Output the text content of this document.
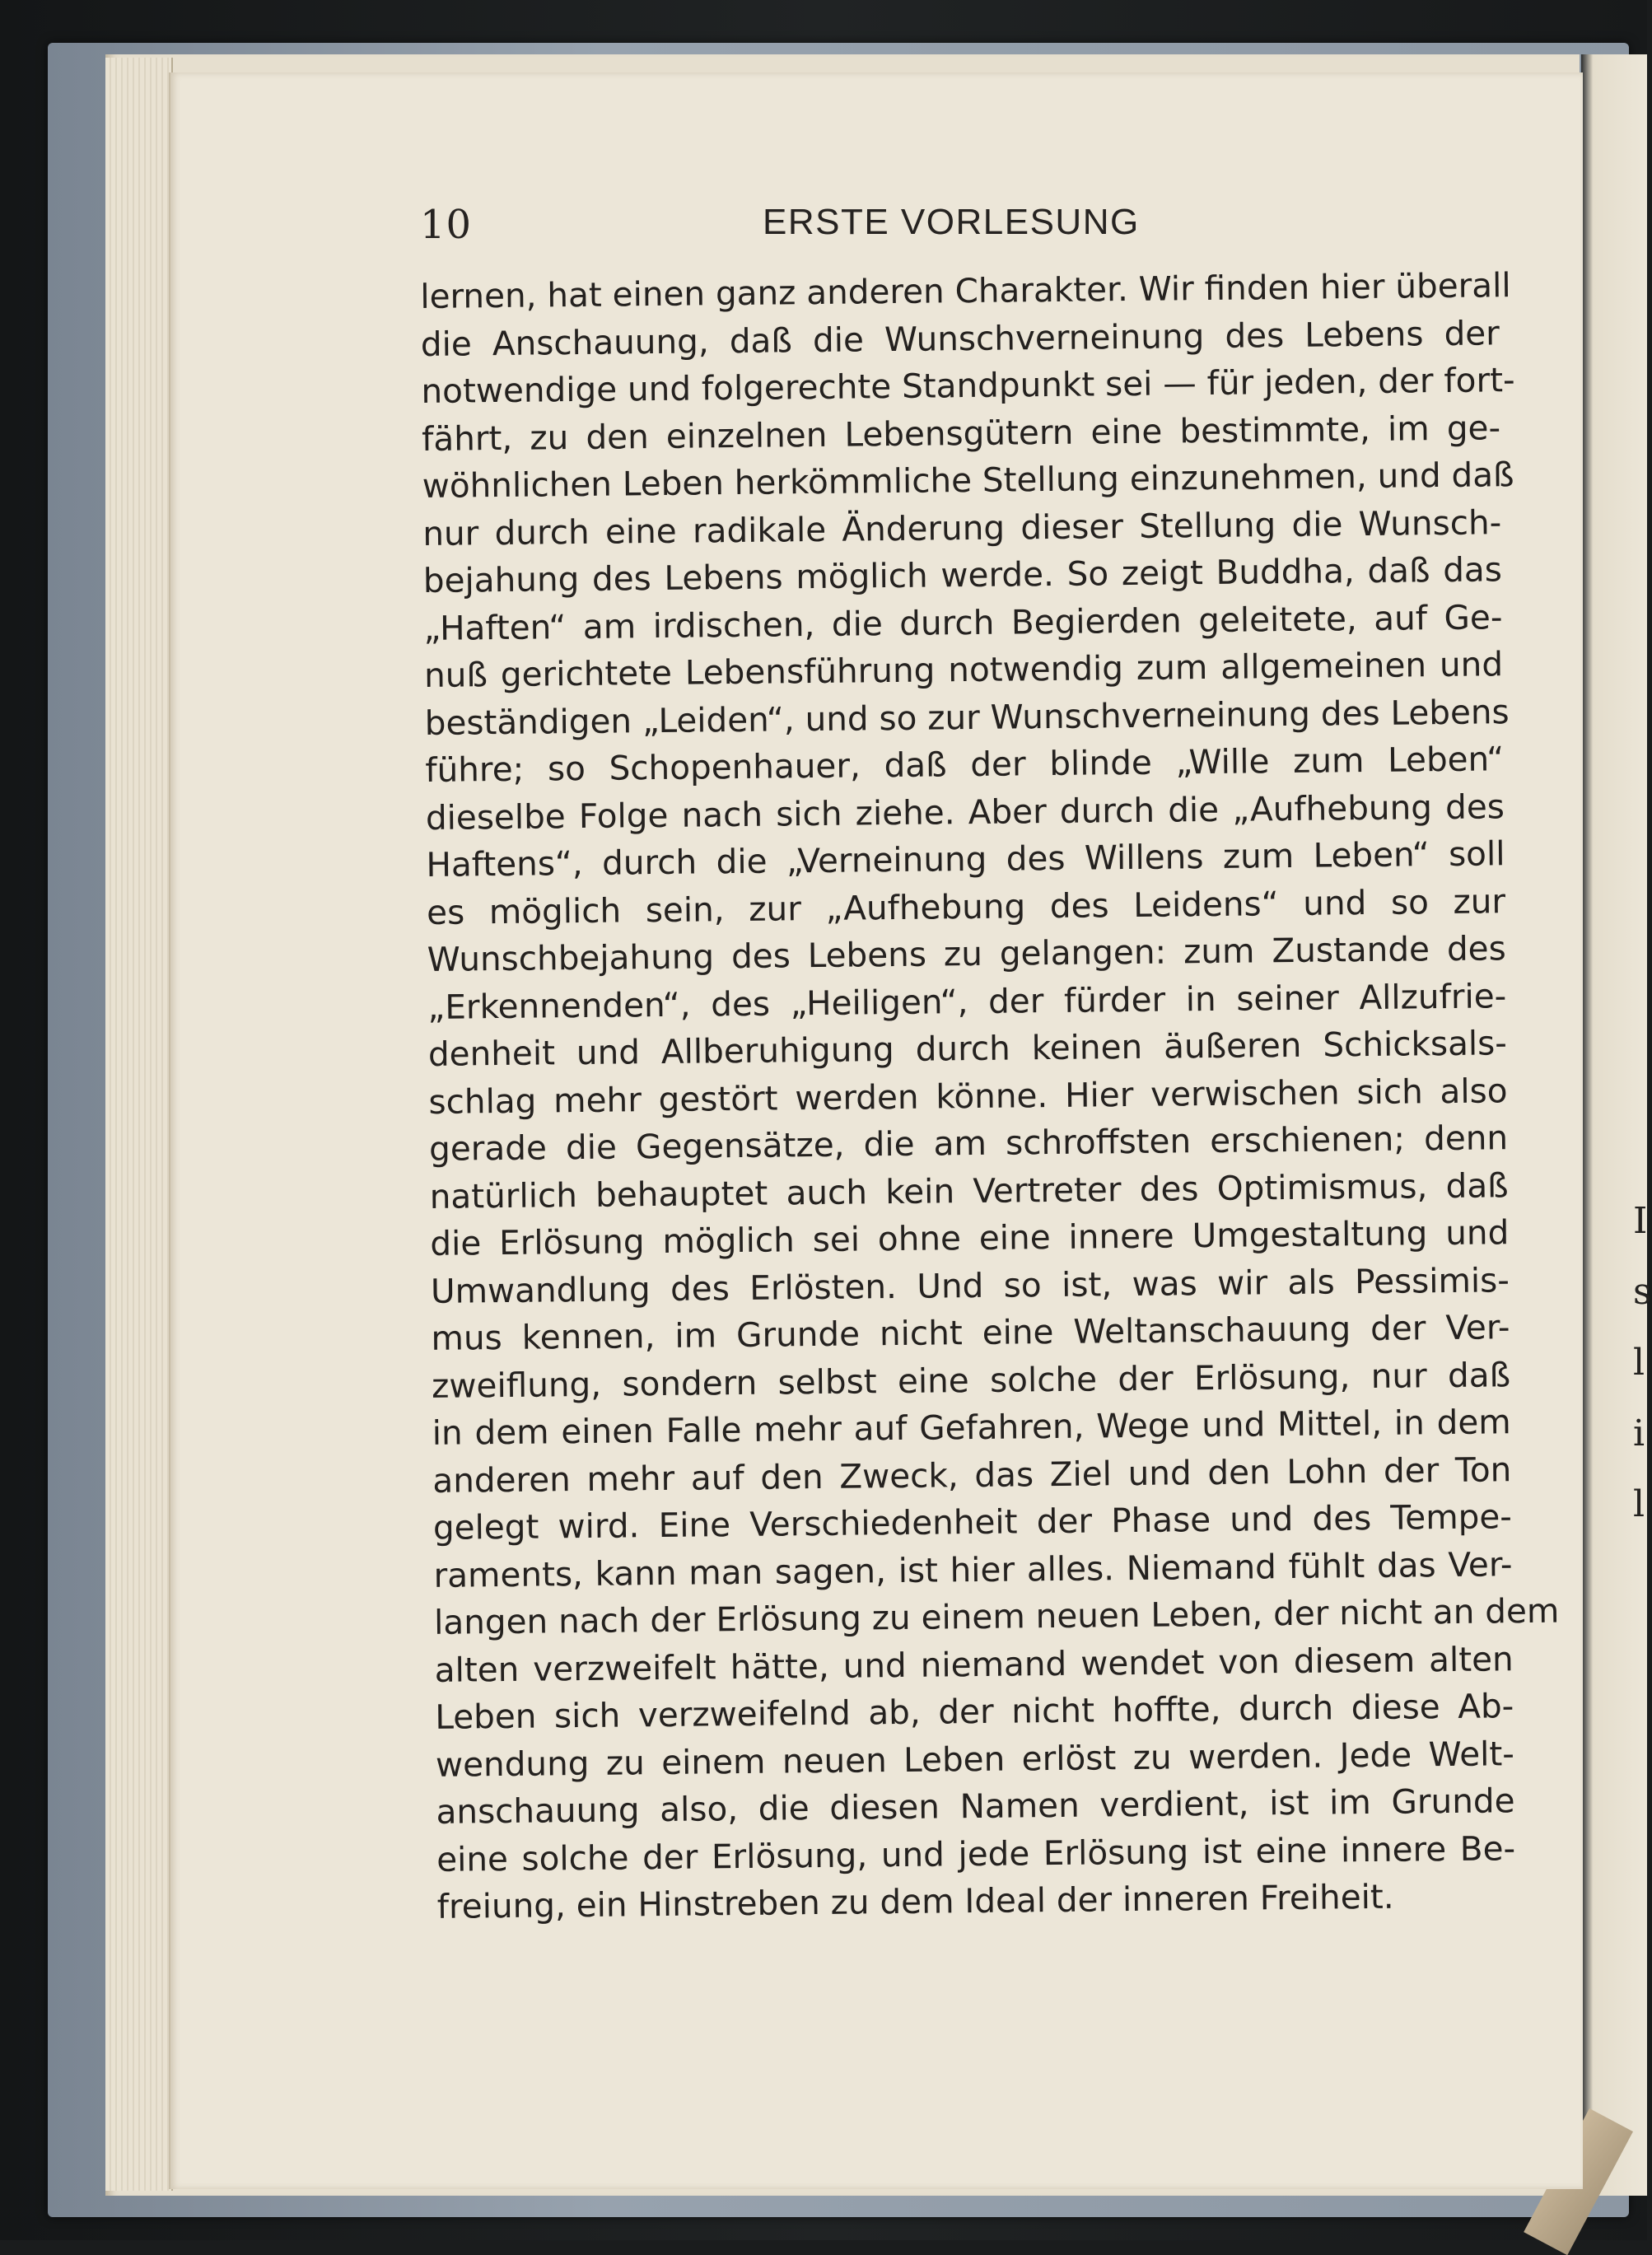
I
s
l
i
l
10	ERSTE VORLESUNG
lernen, hat einen ganz anderen Charakter. Wir finden hier überall
die Anschauung, daß die Wunschverneinung des Lebens der
notwendige und folgerechte Standpunkt sei — für jeden, der fort-
fährt, zu den einzelnen Lebensgütern eine bestimmte, im ge-
wöhnlichen Leben herkömmliche Stellung einzunehmen, und daß
nur durch eine radikale Änderung dieser Stellung die Wunsch-
bejahung des Lebens möglich werde. So zeigt Buddha, daß das
„Haften“ am irdischen, die durch Begierden geleitete, auf Ge-
nuß gerichtete Lebensführung notwendig zum allgemeinen und
beständigen „Leiden“, und so zur Wunschverneinung des Lebens
führe; so Schopenhauer, daß der blinde „Wille zum Leben“
dieselbe Folge nach sich ziehe. Aber durch die „Aufhebung des
Haftens“, durch die „Verneinung des Willens zum Leben“ soll
es möglich sein, zur „Aufhebung des Leidens“ und so zur
Wunschbejahung des Lebens zu gelangen: zum Zustande des
„Erkennenden“, des „Heiligen“, der fürder in seiner Allzufrie-
denheit und Allberuhigung durch keinen äußeren Schicksals-
schlag mehr gestört werden könne. Hier verwischen sich also
gerade die Gegensätze, die am schroffsten erschienen; denn
natürlich behauptet auch kein Vertreter des Optimismus, daß
die Erlösung möglich sei ohne eine innere Umgestaltung und
Umwandlung des Erlösten. Und so ist, was wir als Pessimis-
mus kennen, im Grunde nicht eine Weltanschauung der Ver-
zweiflung, sondern selbst eine solche der Erlösung, nur daß
in dem einen Falle mehr auf Gefahren, Wege und Mittel, in dem
anderen mehr auf den Zweck, das Ziel und den Lohn der Ton
gelegt wird. Eine Verschiedenheit der Phase und des Tempe-
raments, kann man sagen, ist hier alles. Niemand fühlt das Ver-
langen nach der Erlösung zu einem neuen Leben, der nicht an dem
alten verzweifelt hätte, und niemand wendet von diesem alten
Leben sich verzweifelnd ab, der nicht hoffte, durch diese Ab-
wendung zu einem neuen Leben erlöst zu werden. Jede Welt-
anschauung also, die diesen Namen verdient, ist im Grunde
eine solche der Erlösung, und jede Erlösung ist eine innere Be-
freiung, ein Hinstreben zu dem Ideal der inneren Freiheit.
